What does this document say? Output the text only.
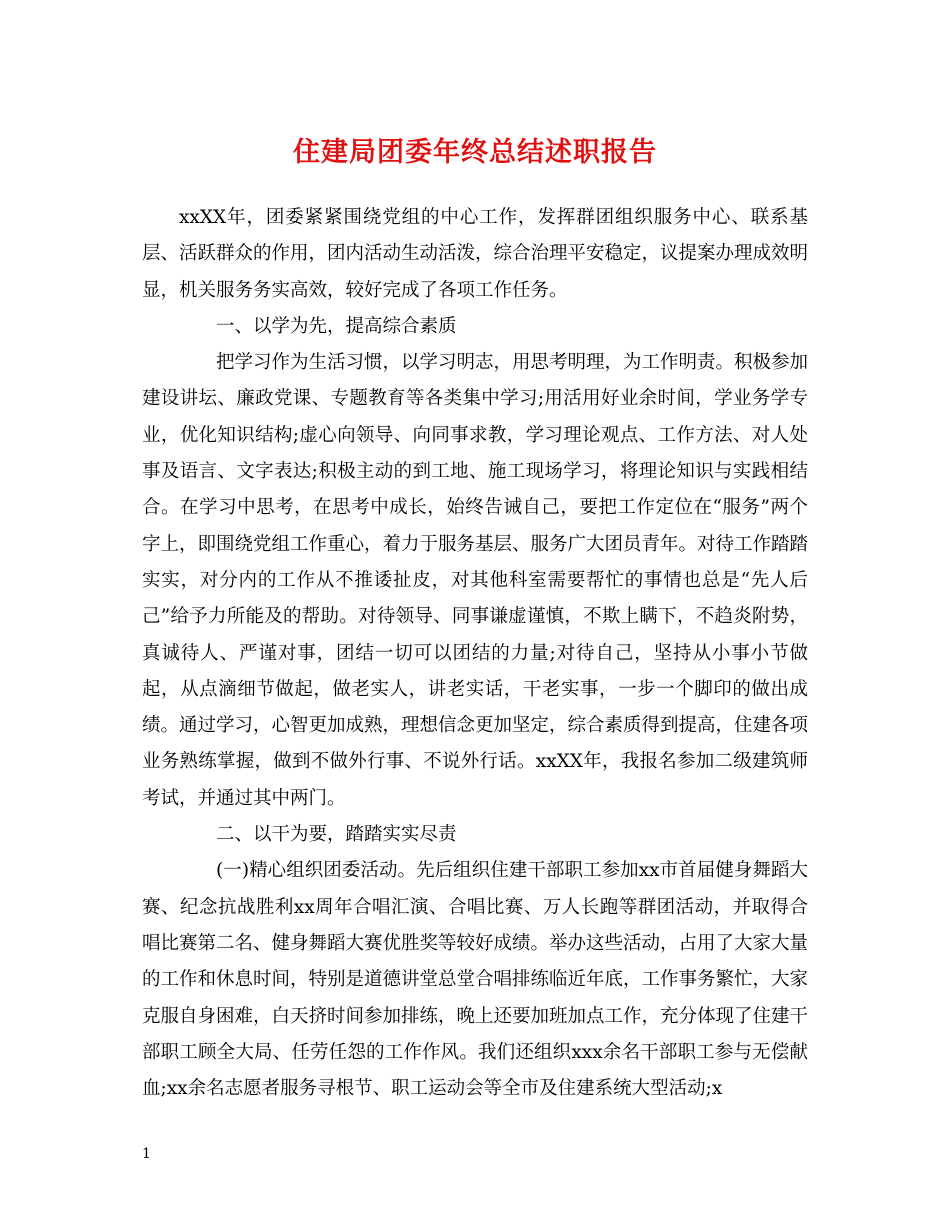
住建局团委年终总结述职报告

xxXX年，团委紧紧围绕党组的中心工作，发挥群团组织服务中心、联系基层、活跃群众的作用，团内活动生动活泼，综合治理平安稳定，议提案办理成效明显，机关服务务实高效，较好完成了各项工作任务。

一、以学为先，提高综合素质

把学习作为生活习惯，以学习明志，用思考明理，为工作明责。积极参加建设讲坛、廉政党课、专题教育等各类集中学习;用活用好业余时间，学业务学专业，优化知识结构;虚心向领导、向同事求教，学习理论观点、工作方法、对人处事及语言、文字表达;积极主动的到工地、施工现场学习，将理论知识与实践相结合。在学习中思考，在思考中成长，始终告诫自己，要把工作定位在“服务”两个字上，即围绕党组工作重心，着力于服务基层、服务广大团员青年。对待工作踏踏实实，对分内的工作从不推诿扯皮，对其他科室需要帮忙的事情也总是“先人后己”给予力所能及的帮助。对待领导、同事谦虚谨慎，不欺上瞒下，不趋炎附势，真诚待人、严谨对事，团结一切可以团结的力量;对待自己，坚持从小事小节做起，从点滴细节做起，做老实人，讲老实话，干老实事，一步一个脚印的做出成绩。通过学习，心智更加成熟，理想信念更加坚定，综合素质得到提高，住建各项业务熟练掌握，做到不做外行事、不说外行话。xxXX年，我报名参加二级建筑师考试，并通过其中两门。

二、以干为要，踏踏实实尽责

(一)精心组织团委活动。先后组织住建干部职工参加xx市首届健身舞蹈大赛、纪念抗战胜利xx周年合唱汇演、合唱比赛、万人长跑等群团活动，并取得合唱比赛第二名、健身舞蹈大赛优胜奖等较好成绩。举办这些活动，占用了大家大量的工作和休息时间，特别是道德讲堂总堂合唱排练临近年底，工作事务繁忙，大家克服自身困难，白天挤时间参加排练，晚上还要加班加点工作，充分体现了住建干部职工顾全大局、任劳任怨的工作作风。我们还组织xxx余名干部职工参与无偿献血;xx余名志愿者服务寻根节、职工运动会等全市及住建系统大型活动;x

1
